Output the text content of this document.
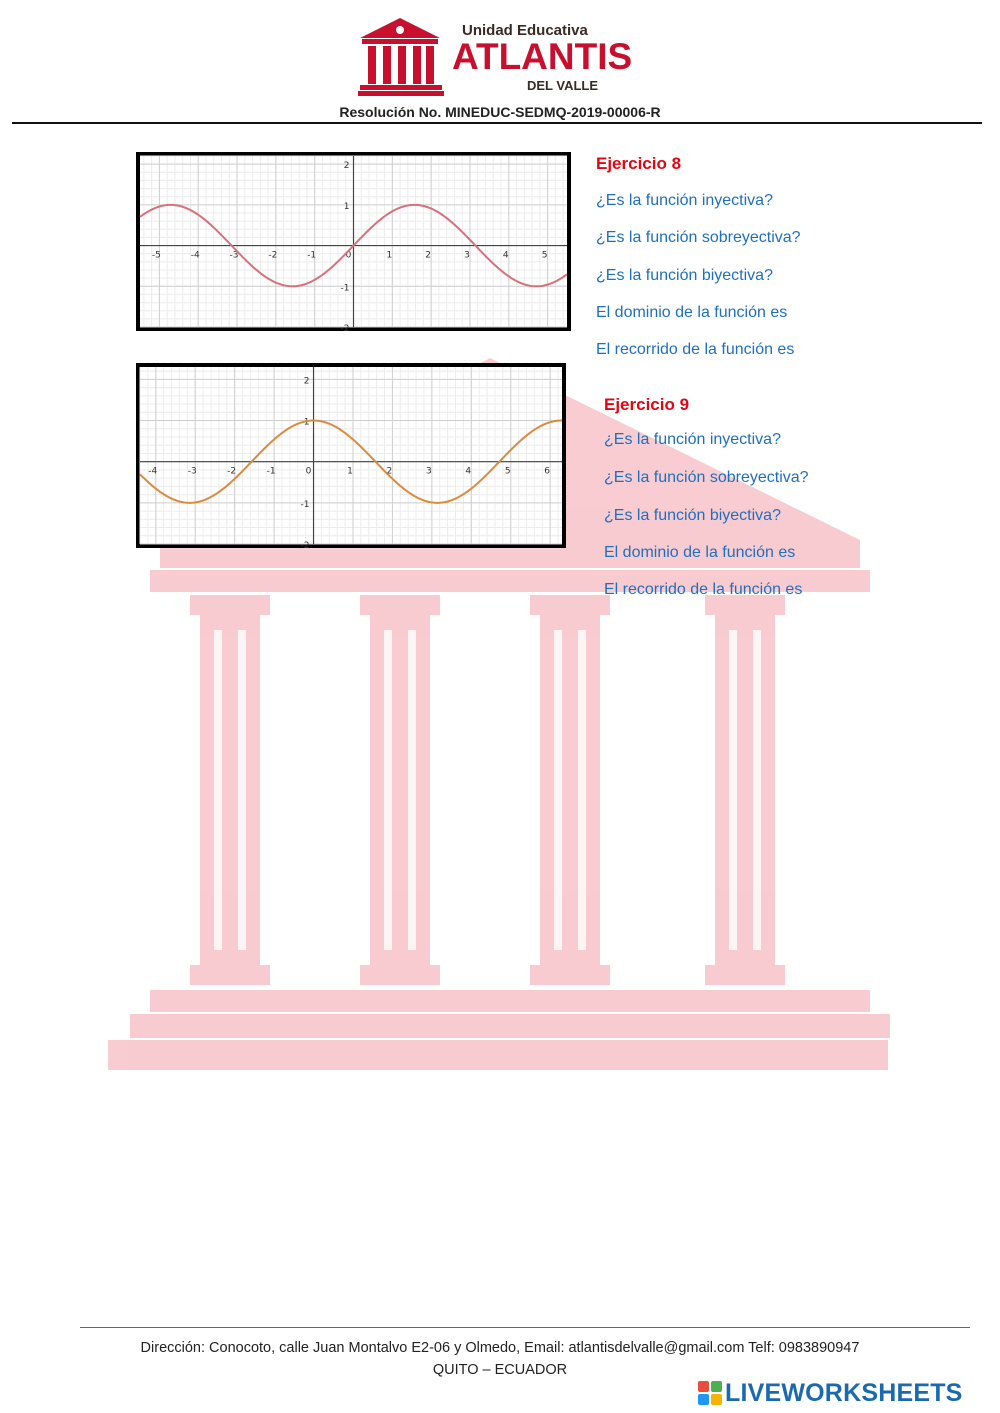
Unidad Educativa
ATLANTIS
DEL VALLE
Resolución No. MINEDUC-SEDMQ-2019-00006-R
-5	-4	-3	-2	-1	0	1	2	3	4	5
2
1
-1
-2
-4	-3	-2	-1	0	1	2	3	4	5	6
2
1
-1
-2
Ejercicio 8
¿Es la función inyectiva?
¿Es la función sobreyectiva?
¿Es la función biyectiva?
El dominio de la función es
El recorrido de la función es
Ejercicio 9
¿Es la función inyectiva?
¿Es la función sobreyectiva?
¿Es la función biyectiva?
El dominio de la función es
El recorrido de la función es
Dirección: Conocoto, calle Juan Montalvo E2-06 y Olmedo, Email: atlantisdelvalle@gmail.com Telf: 0983890947
QUITO – ECUADOR
LIVEWORKSHEETS
